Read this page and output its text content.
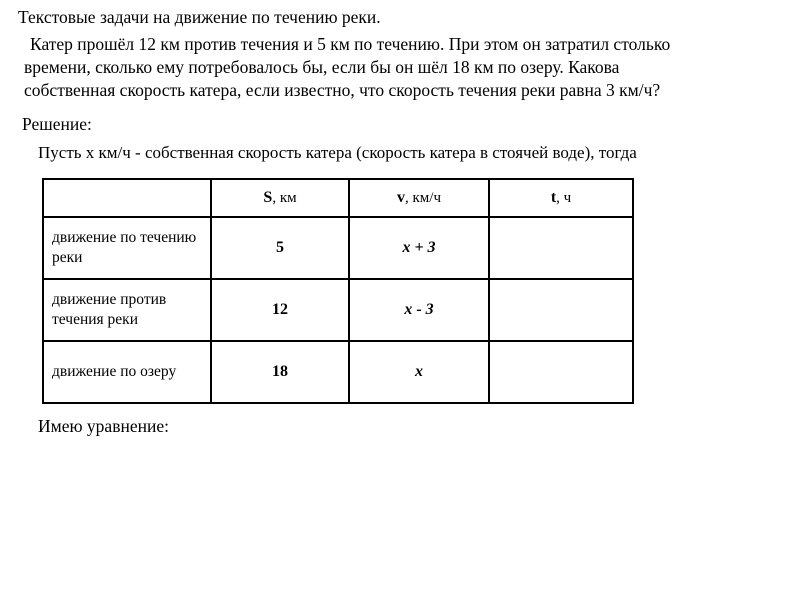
Текстовые задачи на движение по течению реки.
Катер прошёл 12 км против течения и 5 км по течению. При этом он затратил столько
времени, сколько ему потребовалось бы, если бы он шёл 18 км по озеру. Какова
собственная скорость катера, если известно, что скорость течения реки равна 3 км/ч?
Решение:
Пусть x км/ч - собственная скорость катера (скорость катера в стоячей воде), тогда
	S, км	v, км/ч	t, ч
движение по течению реки	5	x + 3	
движение против течения реки	12	x - 3	
движение по озеру	18	x	
Имею уравнение:
